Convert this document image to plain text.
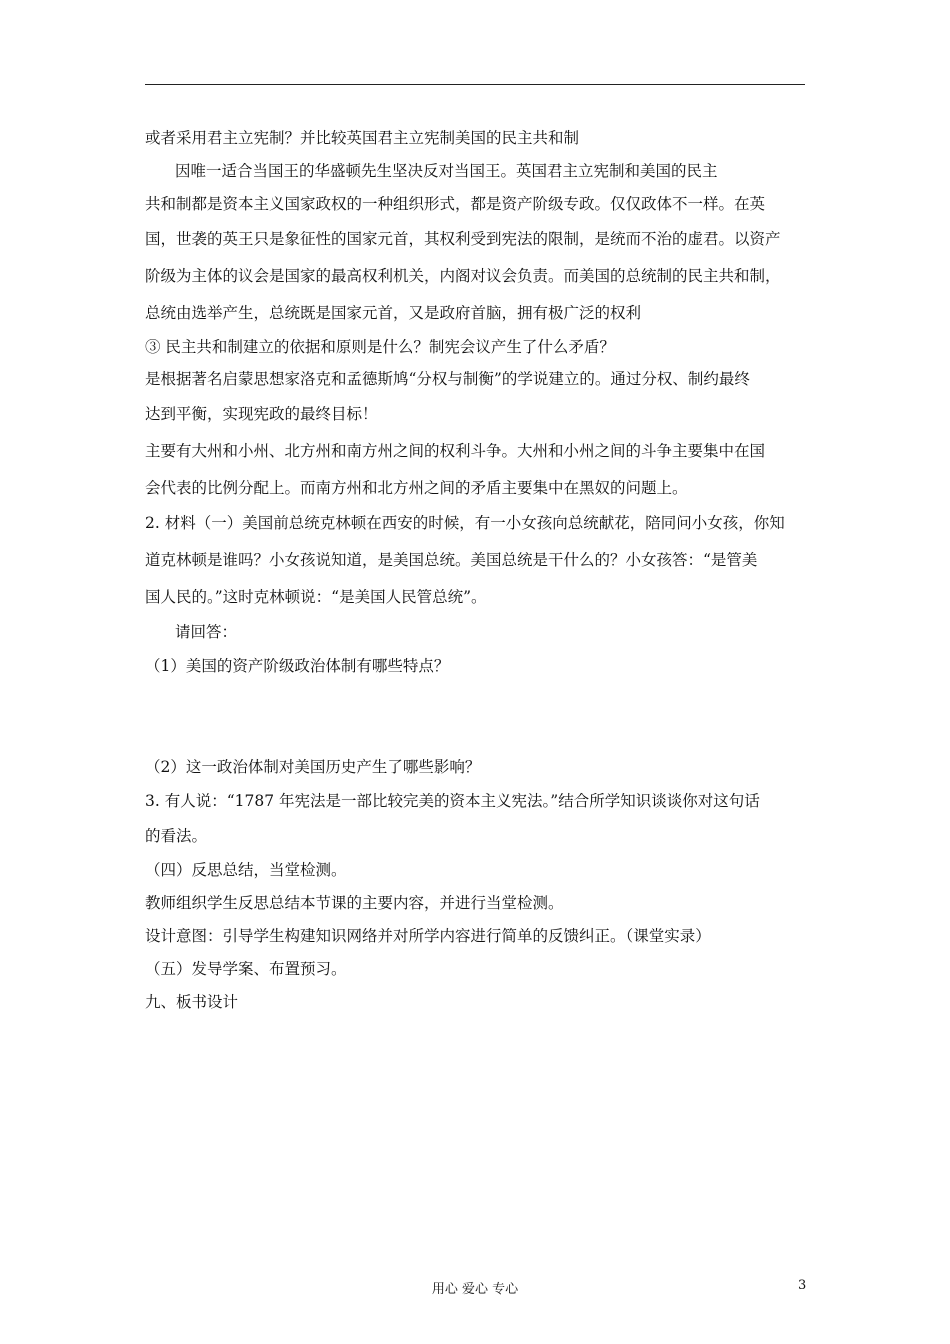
或者采用君主立宪制？并比较英国君主立宪制美国的民主共和制
因唯一适合当国王的华盛顿先生坚决反对当国王。英国君主立宪制和美国的民主
共和制都是资本主义国家政权的一种组织形式，都是资产阶级专政。仅仅政体不一样。在英
国，世袭的英王只是象征性的国家元首，其权利受到宪法的限制，是统而不治的虚君。以资产
阶级为主体的议会是国家的最高权利机关，内阁对议会负责。而美国的总统制的民主共和制，
总统由选举产生，总统既是国家元首，又是政府首脑，拥有极广泛的权利
③ 民主共和制建立的依据和原则是什么？制宪会议产生了什么矛盾？
是根据著名启蒙思想家洛克和孟德斯鸠“分权与制衡”的学说建立的。通过分权、制约最终
达到平衡，实现宪政的最终目标！
主要有大州和小州、北方州和南方州之间的权利斗争。大州和小州之间的斗争主要集中在国
会代表的比例分配上。而南方州和北方州之间的矛盾主要集中在黑奴的问题上。
2. 材料（一）美国前总统克林顿在西安的时候，有一小女孩向总统献花，陪同问小女孩，你知
道克林顿是谁吗？小女孩说知道，是美国总统。美国总统是干什么的？小女孩答：“是管美
国人民的。”这时克林顿说：“是美国人民管总统”。
请回答：
（1）美国的资产阶级政治体制有哪些特点？
（2）这一政治体制对美国历史产生了哪些影响？
3. 有人说：“1787 年宪法是一部比较完美的资本主义宪法。”结合所学知识谈谈你对这句话
的看法。
（四）反思总结，当堂检测。
教师组织学生反思总结本节课的主要内容，并进行当堂检测。
设计意图：引导学生构建知识网络并对所学内容进行简单的反馈纠正。（课堂实录）
（五）发导学案、布置预习。
九、板书设计
用心 爱心 专心	3
